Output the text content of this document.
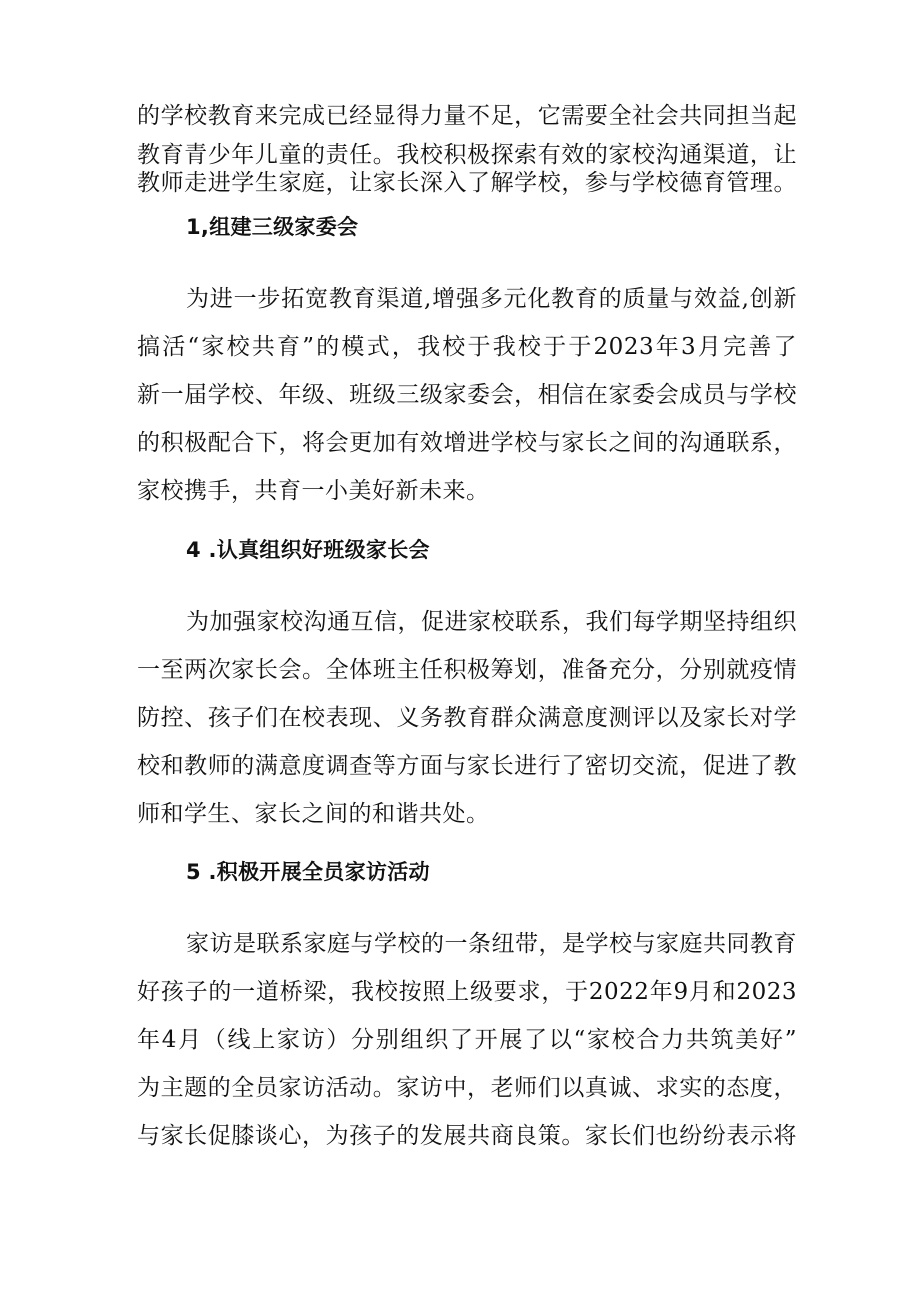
的学校教育来完成已经显得力量不足，它需要全社会共同担当起
教育青少年儿童的责任。我校积极探索有效的家校沟通渠道，让
教师走进学生家庭，让家长深入了解学校，参与学校德育管理。
1,组建三级家委会
为进一步拓宽教育渠道,增强多元化教育的质量与效益,创新
搞活“家校共育”的模式，我校于我校于于2023年3月完善了
新一届学校、年级、班级三级家委会，相信在家委会成员与学校
的积极配合下，将会更加有效增进学校与家长之间的沟通联系，
家校携手，共育一小美好新未来。
4 .认真组织好班级家长会
为加强家校沟通互信，促进家校联系，我们每学期坚持组织
一至两次家长会。全体班主任积极筹划，准备充分，分别就疫情
防控、孩子们在校表现、义务教育群众满意度测评以及家长对学
校和教师的满意度调查等方面与家长进行了密切交流，促进了教
师和学生、家长之间的和谐共处。
5 .积极开展全员家访活动
家访是联系家庭与学校的一条纽带，是学校与家庭共同教育
好孩子的一道桥梁，我校按照上级要求，于2022年9月和2023
年4月（线上家访）分别组织了开展了以“家校合力共筑美好”
为主题的全员家访活动。家访中，老师们以真诚、求实的态度，
与家长促膝谈心，为孩子的发展共商良策。家长们也纷纷表示将
